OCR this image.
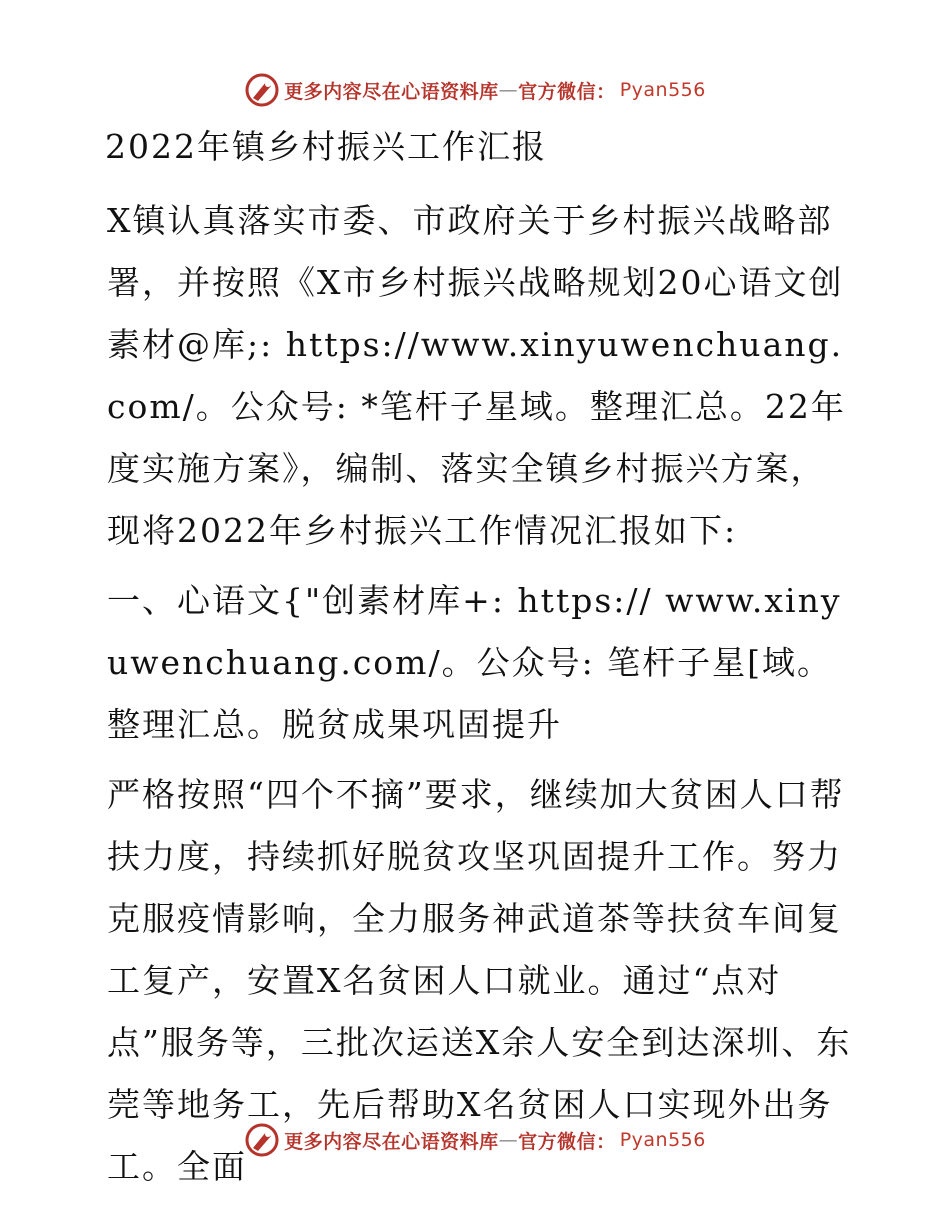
更多内容尽在心语资料库 — 官方微信： Pyan556

2022年镇乡村振兴工作汇报

X镇认真落实市委、市政府关于乡村振兴战略部署，并按照《X市乡村振兴战略规划20心语文创素材@库;: https://www.xinyuwenchuang.com/。公众号: *笔杆子星域。整理汇总。22年度实施方案》，编制、落实全镇乡村振兴方案，现将2022年乡村振兴工作情况汇报如下:

一、心语文{"创素材库+: https:// www.xinyuwenchuang.com/。公众号: 笔杆子星[域。整理汇总。脱贫成果巩固提升

严格按照“四个不摘”要求，继续加大贫困人口帮扶力度，持续抓好脱贫攻坚巩固提升工作。努力克服疫情影响，全力服务神武道茶等扶贫车间复工复产，安置X名贫困人口就业。通过“点对点”服务等，三批次运送X余人安全到达深圳、东莞等地务工，先后帮助X名贫困人口实现外出务工。全面

更多内容尽在心语资料库 — 官方微信： Pyan556
